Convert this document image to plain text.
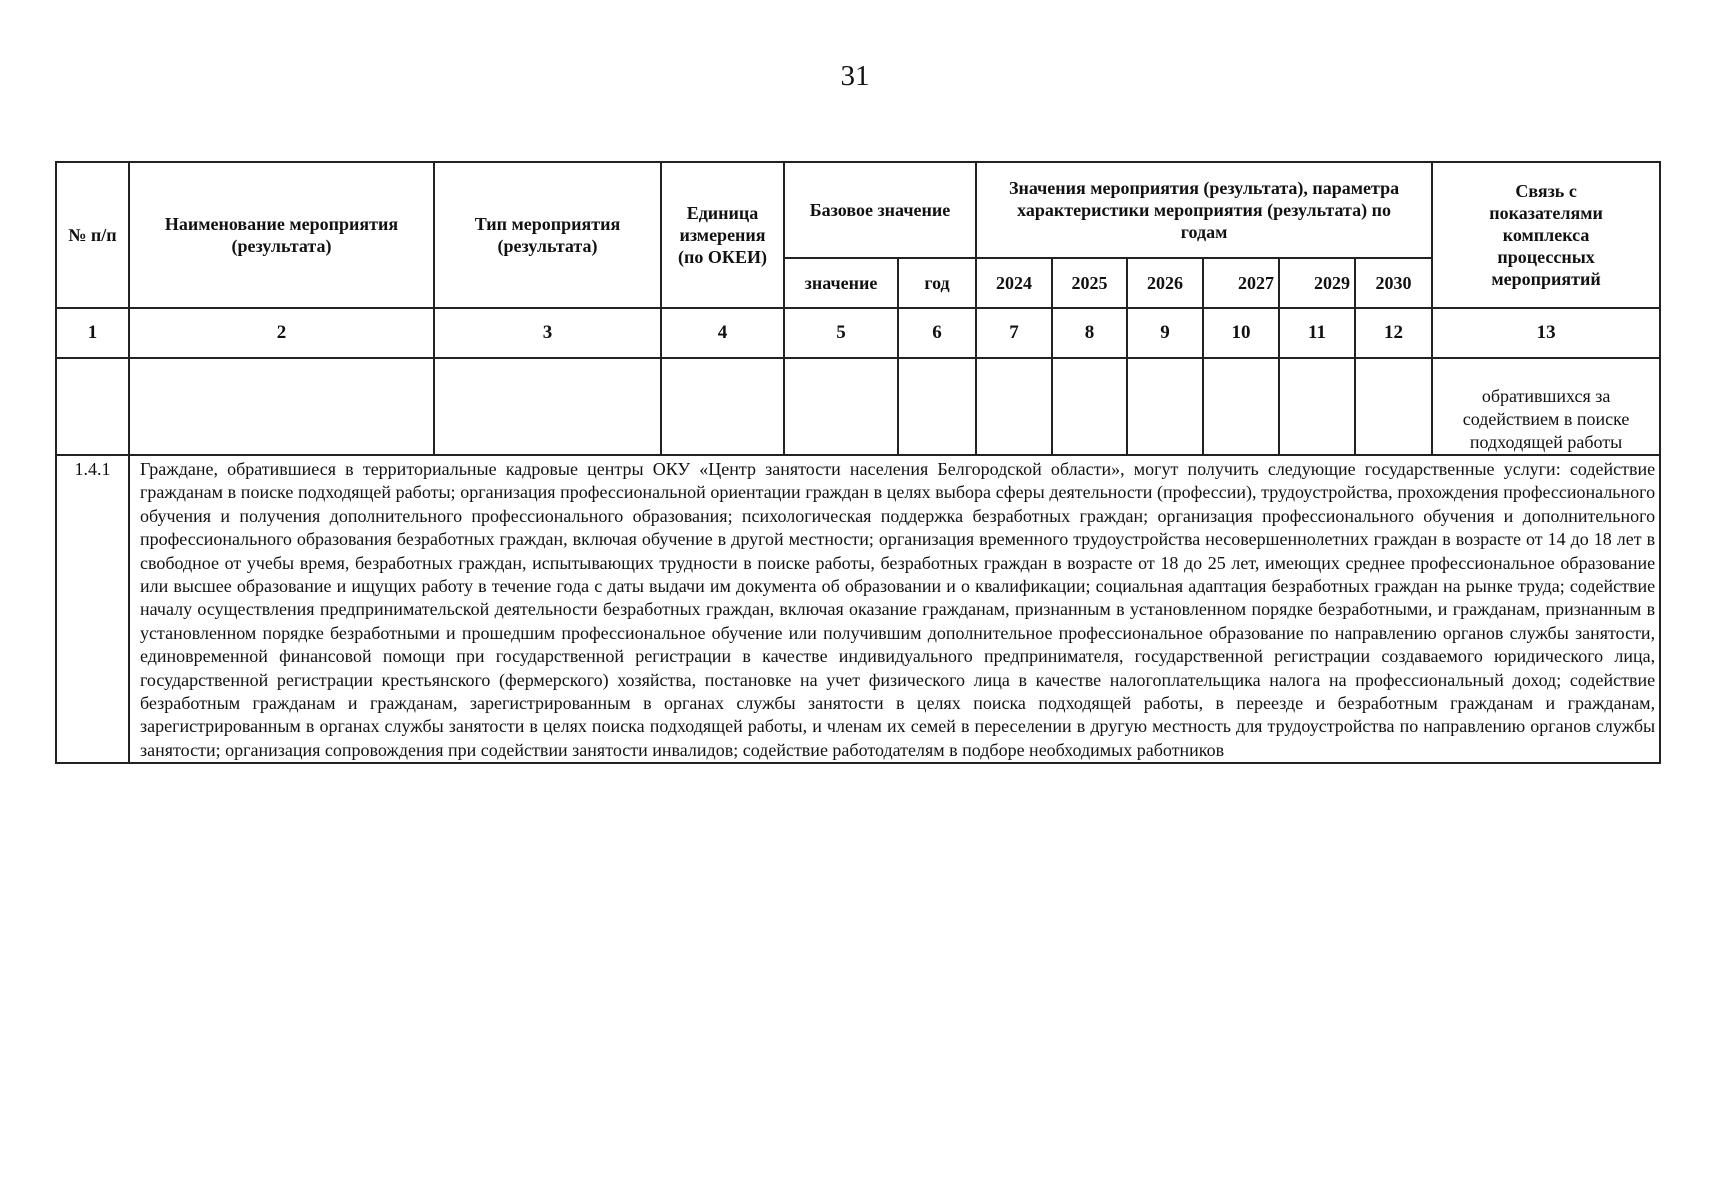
31
№ п/п	Наименование мероприятия (результата)	Тип мероприятия (результата)	Единица измерения (по ОКЕИ)	Базовое значение		Значения мероприятия (результата), параметра характеристики мероприятия (результата) по годам						Связь с показателями комплекса процессных мероприятий
				значение	год	2024	2025	2026	2027	2029	2030	
1	2	3	4	5	6	7	8	9	10	11	12	13
												обратившихся за содействием в поиске подходящей работы
1.4.1	Граждане, обратившиеся в территориальные кадровые центры ОКУ «Центр занятости населения Белгородской области», могут получить следующие государственные услуги: содействие гражданам в поиске подходящей работы; организация профессиональной ориентации граждан в целях выбора сферы деятельности (профессии), трудоустройства, прохождения профессионального обучения и получения дополнительного профессионального образования; психологическая поддержка безработных граждан; организация профессионального обучения и дополнительного профессионального образования безработных граждан, включая обучение в другой местности; организация временного трудоустройства несовершеннолетних граждан в возрасте от 14 до 18 лет в свободное от учебы время, безработных граждан, испытывающих трудности в поиске работы, безработных граждан в возрасте от 18 до 25 лет, имеющих среднее профессиональное образование или высшее образование и ищущих работу в течение года с даты выдачи им документа об образовании и о квалификации; социальная адаптация безработных граждан на рынке труда; содействие началу осуществления предпринимательской деятельности безработных граждан, включая оказание гражданам, признанным в установленном порядке безработными, и гражданам, признанным в установленном порядке безработными и прошедшим профессиональное обучение или получившим дополнительное профессиональное образование по направлению органов службы занятости, единовременной финансовой помощи при государственной регистрации в качестве индивидуального предпринимателя, государственной регистрации создаваемого юридического лица, государственной регистрации крестьянского (фермерского) хозяйства, постановке на учет физического лица в качестве налогоплательщика налога на профессиональный доход; содействие безработным гражданам и гражданам, зарегистрированным в органах службы занятости в целях поиска подходящей работы, в переезде и безработным гражданам и гражданам, зарегистрированным в органах службы занятости в целях поиска подходящей работы, и членам их семей в переселении в другую местность для трудоустройства по направлению органов службы занятости; организация сопровождения при содействии занятости инвалидов; содействие работодателям в подборе необходимых работников											
